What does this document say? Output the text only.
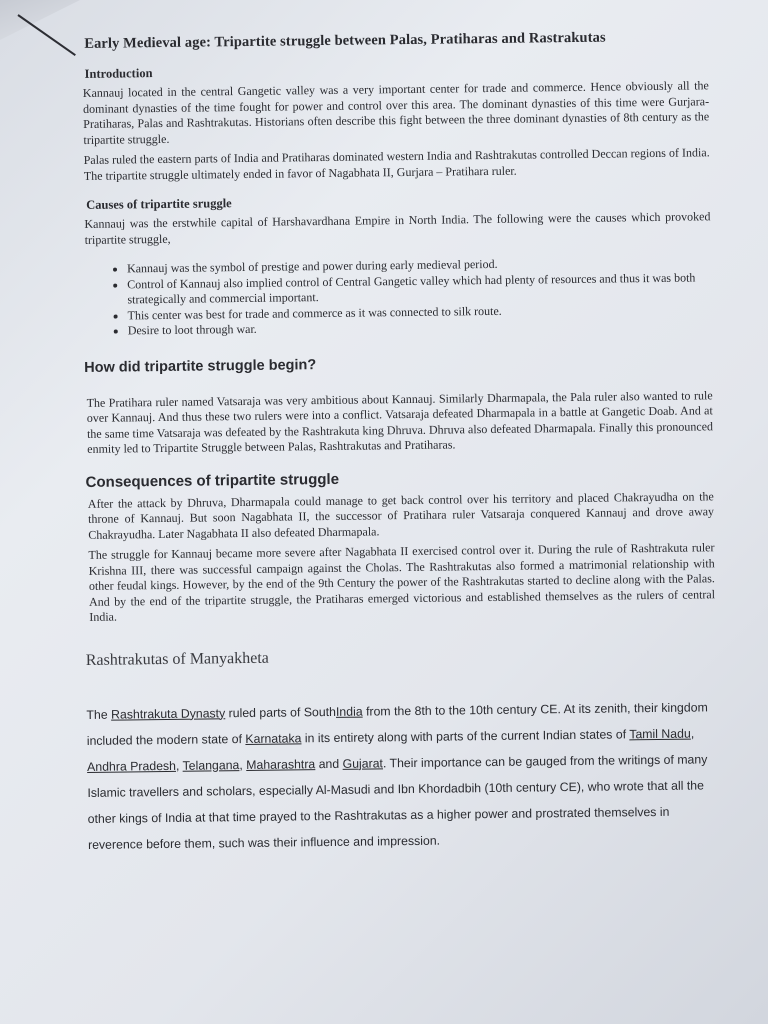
Early Medieval age: Tripartite struggle between Palas, Pratiharas and Rastrakutas
Introduction

Kannauj located in the central Gangetic valley was a very important center for trade and commerce. Hence obviously all the dominant dynasties of the time fought for power and control over this area. The dominant dynasties of this time were Gurjara-Pratiharas, Palas and Rashtrakutas. Historians often describe this fight between the three dominant dynasties of 8th century as the tripartite struggle.

Palas ruled the eastern parts of India and Pratiharas dominated western India and Rashtrakutas controlled Deccan regions of India. The tripartite struggle ultimately ended in favor of Nagabhata II, Gurjara – Pratihara ruler.

Causes of tripartite sruggle

Kannauj was the erstwhile capital of Harshavardhana Empire in North India. The following were the causes which provoked tripartite struggle,

• Kannauj was the symbol of prestige and power during early medieval period.
• Control of Kannauj also implied control of Central Gangetic valley which had plenty of resources and thus it was both strategically and commercial important.
• This center was best for trade and commerce as it was connected to silk route.
• Desire to loot through war.
How did tripartite struggle begin?

The Pratihara ruler named Vatsaraja was very ambitious about Kannauj. Similarly Dharmapala, the Pala ruler also wanted to rule over Kannauj. And thus these two rulers were into a conflict. Vatsaraja defeated Dharmapala in a battle at Gangetic Doab. And at the same time Vatsaraja was defeated by the Rashtrakuta king Dhruva. Dhruva also defeated Dharmapala. Finally this pronounced enmity led to Tripartite Struggle between Palas, Rashtrakutas and Pratiharas.

Consequences of tripartite struggle

After the attack by Dhruva, Dharmapala could manage to get back control over his territory and placed Chakrayudha on the throne of Kannauj. But soon Nagabhata II, the successor of Pratihara ruler Vatsaraja conquered Kannauj and drove away Chakrayudha. Later Nagabhata II also defeated Dharmapala.

The struggle for Kannauj became more severe after Nagabhata II exercised control over it. During the rule of Rashtrakuta ruler Krishna III, there was successful campaign against the Cholas. The Rashtrakutas also formed a matrimonial relationship with other feudal kings. However, by the end of the 9th Century the power of the Rashtrakutas started to decline along with the Palas. And by the end of the tripartite struggle, the Pratiharas emerged victorious and established themselves as the rulers of central India.

Rashtrakutas of Manyakheta

The Rashtrakuta Dynasty ruled parts of SouthIndia from the 8th to the 10th century CE. At its zenith, their kingdom included the modern state of Karnataka in its entirety along with parts of the current Indian states of Tamil Nadu, Andhra Pradesh, Telangana, Maharashtra and Gujarat. Their importance can be gauged from the writings of many Islamic travellers and scholars, especially Al-Masudi and Ibn Khordadbih (10th century CE), who wrote that all the other kings of India at that time prayed to the Rashtrakutas as a higher power and prostrated themselves in reverence before them, such was their influence and impression.
